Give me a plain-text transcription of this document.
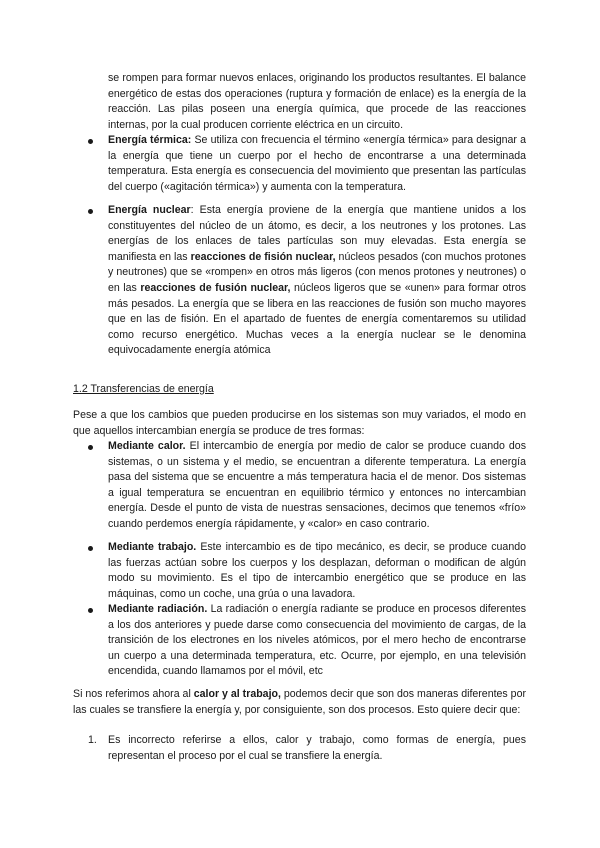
se rompen para formar nuevos enlaces, originando los productos resultantes. El balance energético de estas dos operaciones (ruptura y formación de enlace) es la energía de la reacción. Las pilas poseen una energía química, que procede de las reacciones internas, por la cual producen corriente eléctrica en un circuito.

Energía térmica: Se utiliza con frecuencia el término «energía térmica» para designar a la energía que tiene un cuerpo por el hecho de encontrarse a una determinada temperatura. Esta energía es consecuencia del movimiento que presentan las partículas del cuerpo («agitación térmica») y aumenta con la temperatura.
Energía nuclear: Esta energía proviene de la energía que mantiene unidos a los constituyentes del núcleo de un átomo, es decir, a los neutrones y los protones. Las energías de los enlaces de tales partículas son muy elevadas. Esta energía se manifiesta en las reacciones de fisión nuclear, núcleos pesados (con muchos protones y neutrones) que se «rompen» en otros más ligeros (con menos protones y neutrones) o en las reacciones de fusión nuclear, núcleos ligeros que se «unen» para formar otros más pesados. La energía que se libera en las reacciones de fusión son mucho mayores que en las de fisión. En el apartado de fuentes de energía comentaremos su utilidad como recurso energético. Muchas veces a la energía nuclear se le denomina equivocadamente energía atómica

1.2 Transferencias de energía

Pese a que los cambios que pueden producirse en los sistemas son muy variados, el modo en que aquellos intercambian energía se produce de tres formas:

Mediante calor. El intercambio de energía por medio de calor se produce cuando dos sistemas, o un sistema y el medio, se encuentran a diferente temperatura. La energía pasa del sistema que se encuentre a más temperatura hacia el de menor. Dos sistemas a igual temperatura se encuentran en equilibrio térmico y entonces no intercambian energía. Desde el punto de vista de nuestras sensaciones, decimos que tenemos «frío» cuando perdemos energía rápidamente, y «calor» en caso contrario.
Mediante trabajo. Este intercambio es de tipo mecánico, es decir, se produce cuando las fuerzas actúan sobre los cuerpos y los desplazan, deforman o modifican de algún modo su movimiento. Es el tipo de intercambio energético que se produce en las máquinas, como un coche, una grúa o una lavadora.
Mediante radiación. La radiación o energía radiante se produce en procesos diferentes a los dos anteriores y puede darse como consecuencia del movimiento de cargas, de la transición de los electrones en los niveles atómicos, por el mero hecho de encontrarse un cuerpo a una determinada temperatura, etc. Ocurre, por ejemplo, en una televisión encendida, cuando llamamos por el móvil, etc

Si nos referimos ahora al calor y al trabajo, podemos decir que son dos maneras diferentes por las cuales se transfiere la energía y, por consiguiente, son dos procesos. Esto quiere decir que:

1. Es incorrecto referirse a ellos, calor y trabajo, como formas de energía, pues representan el proceso por el cual se transfiere la energía.
